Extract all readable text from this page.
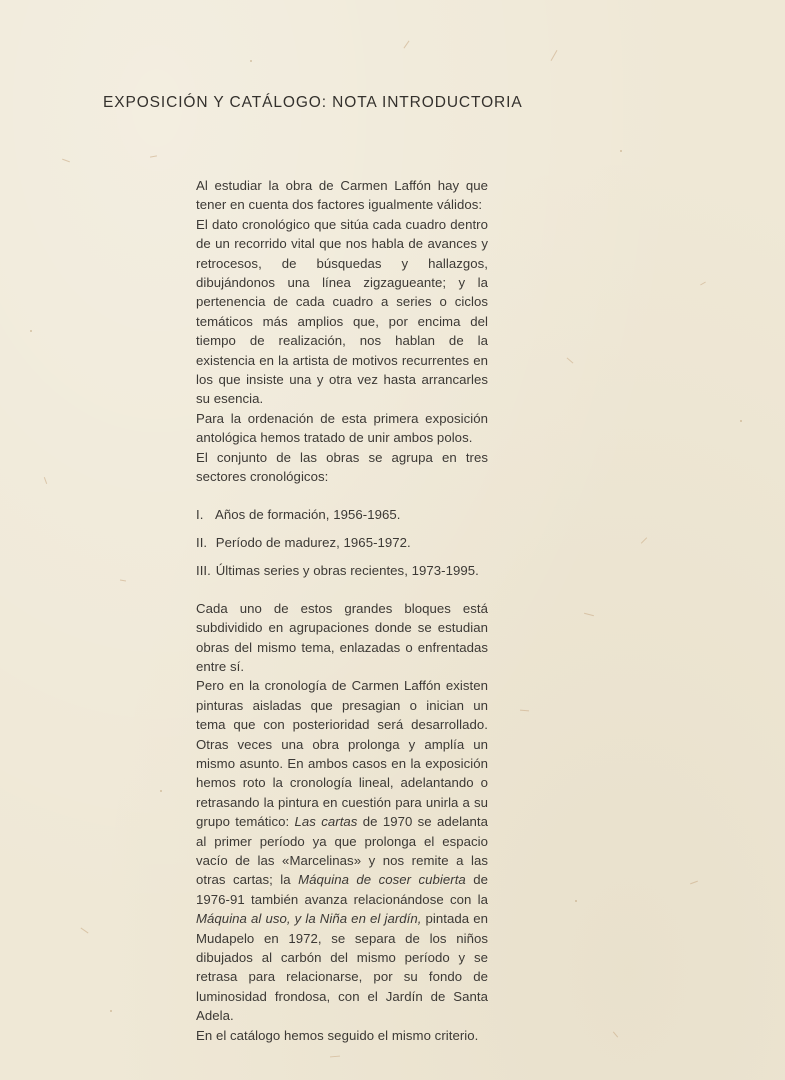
EXPOSICIÓN Y CATÁLOGO: NOTA INTRODUCTORIA

Al estudiar la obra de Carmen Laffón hay que tener en cuenta dos factores igualmente válidos:

El dato cronológico que sitúa cada cuadro dentro de un recorrido vital que nos habla de avances y retrocesos, de búsquedas y hallazgos, dibujándonos una línea zigzagueante; y la pertenencia de cada cuadro a series o ciclos temáticos más amplios que, por encima del tiempo de realización, nos hablan de la existencia en la artista de motivos recurrentes en los que insiste una y otra vez hasta arrancarles su esencia.

Para la ordenación de esta primera exposición antológica hemos tratado de unir ambos polos.

El conjunto de las obras se agrupa en tres sectores cronológicos:

I. Años de formación, 1956-1965.
II. Período de madurez, 1965-1972.
III. Últimas series y obras recientes, 1973-1995.

Cada uno de estos grandes bloques está subdividido en agrupaciones donde se estudian obras del mismo tema, enlazadas o enfrentadas entre sí.

Pero en la cronología de Carmen Laffón existen pinturas aisladas que presagian o inician un tema que con posterioridad será desarrollado. Otras veces una obra prolonga y amplía un mismo asunto. En ambos casos en la exposición hemos roto la cronología lineal, adelantando o retrasando la pintura en cuestión para unirla a su grupo temático: Las cartas de 1970 se adelanta al primer período ya que prolonga el espacio vacío de las «Marcelinas» y nos remite a las otras cartas; la Máquina de coser cubierta de 1976-91 también avanza relacionándose con la Máquina al uso, y la Niña en el jardín, pintada en Mudapelo en 1972, se separa de los niños dibujados al carbón del mismo período y se retrasa para relacionarse, por su fondo de luminosidad frondosa, con el Jardín de Santa Adela.

En el catálogo hemos seguido el mismo criterio.
